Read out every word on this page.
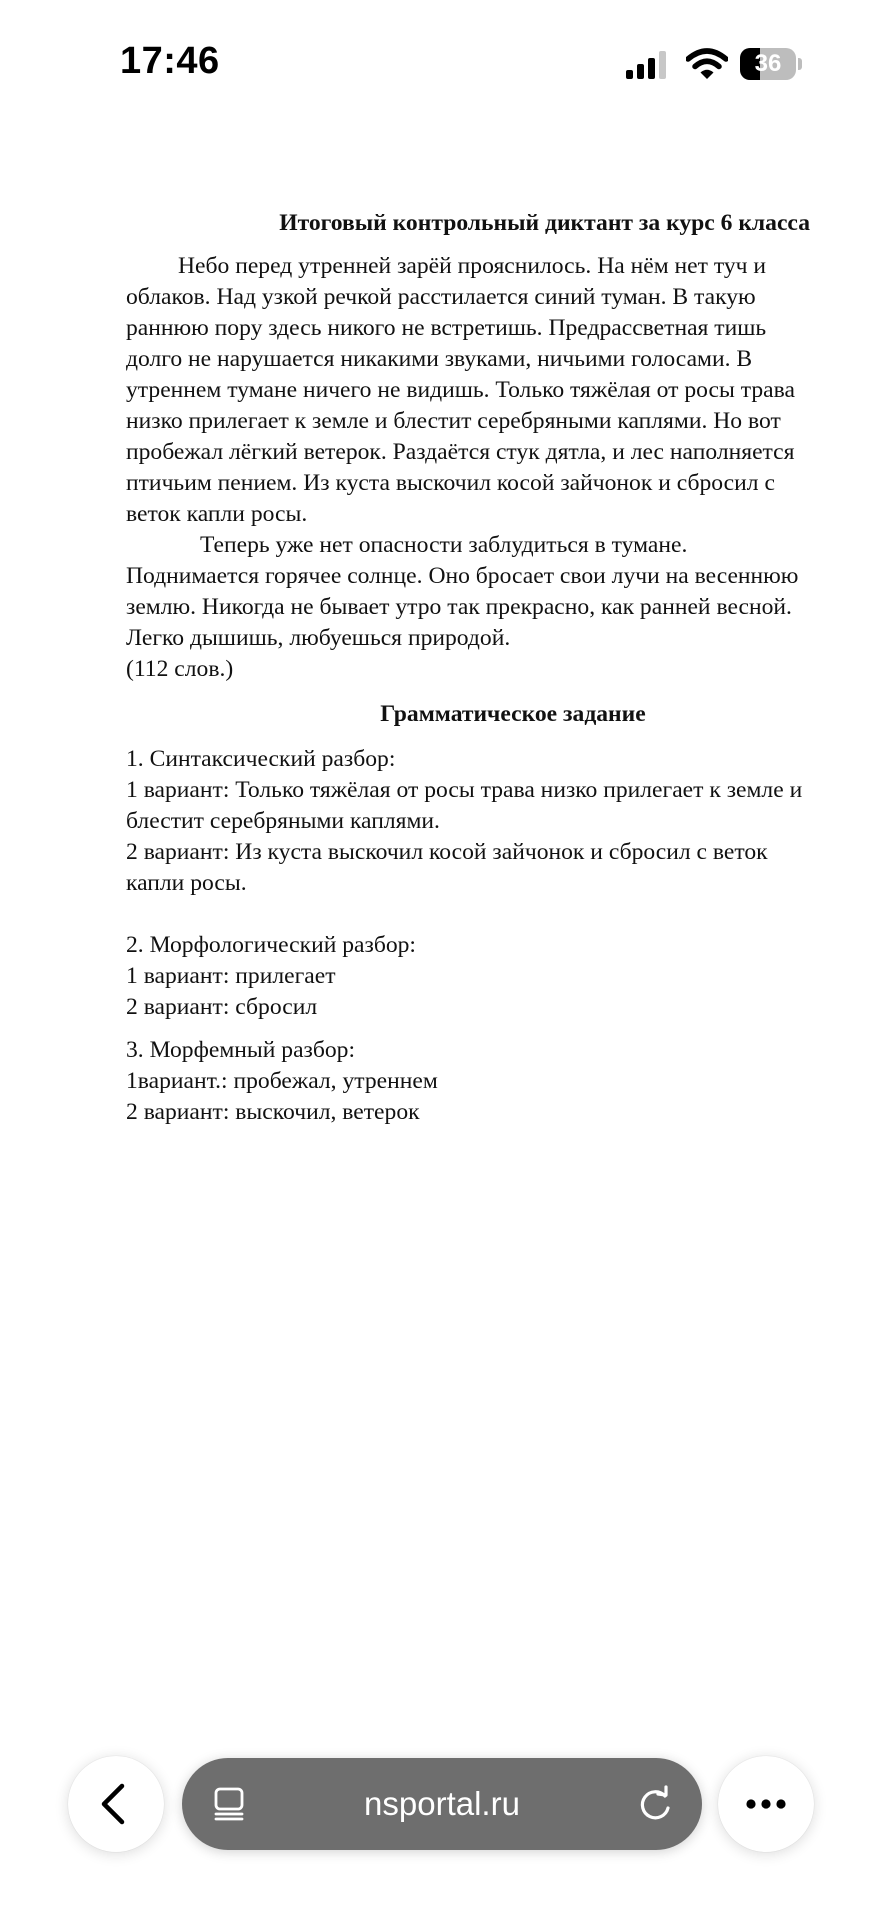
17:46	36

Итоговый контрольный диктант за курс 6 класса

Небо перед утренней зарёй прояснилось. На нём нет туч и облаков. Над узкой речкой расстилается синий туман. В такую раннюю пору здесь никого не встретишь. Предрассветная тишь долго не нарушается никакими звуками, ничьими голосами. В утреннем тумане ничего не видишь. Только тяжёлая от росы трава низко прилегает к земле и блестит серебряными каплями. Но вот пробежал лёгкий ветерок. Раздаётся стук дятла, и лес наполняется птичьим пением. Из куста выскочил косой зайчонок и сбросил с веток капли росы.

Теперь уже нет опасности заблудиться в тумане. Поднимается горячее солнце. Оно бросает свои лучи на весеннюю землю. Никогда не бывает утро так прекрасно, как ранней весной. Легко дышишь, любуешься природой.

(112 слов.)

Грамматическое задание

1. Синтаксический разбор:

1 вариант: Только тяжёлая от росы трава низко прилегает к земле и блестит серебряными каплями.

2 вариант: Из куста выскочил косой зайчонок и сбросил с веток капли росы.

2. Морфологический разбор:

1 вариант: прилегает

2 вариант: сбросил

3. Морфемный разбор:

1вариант.: пробежал, утреннем

2 вариант: выскочил, ветерок

nsportal.ru
